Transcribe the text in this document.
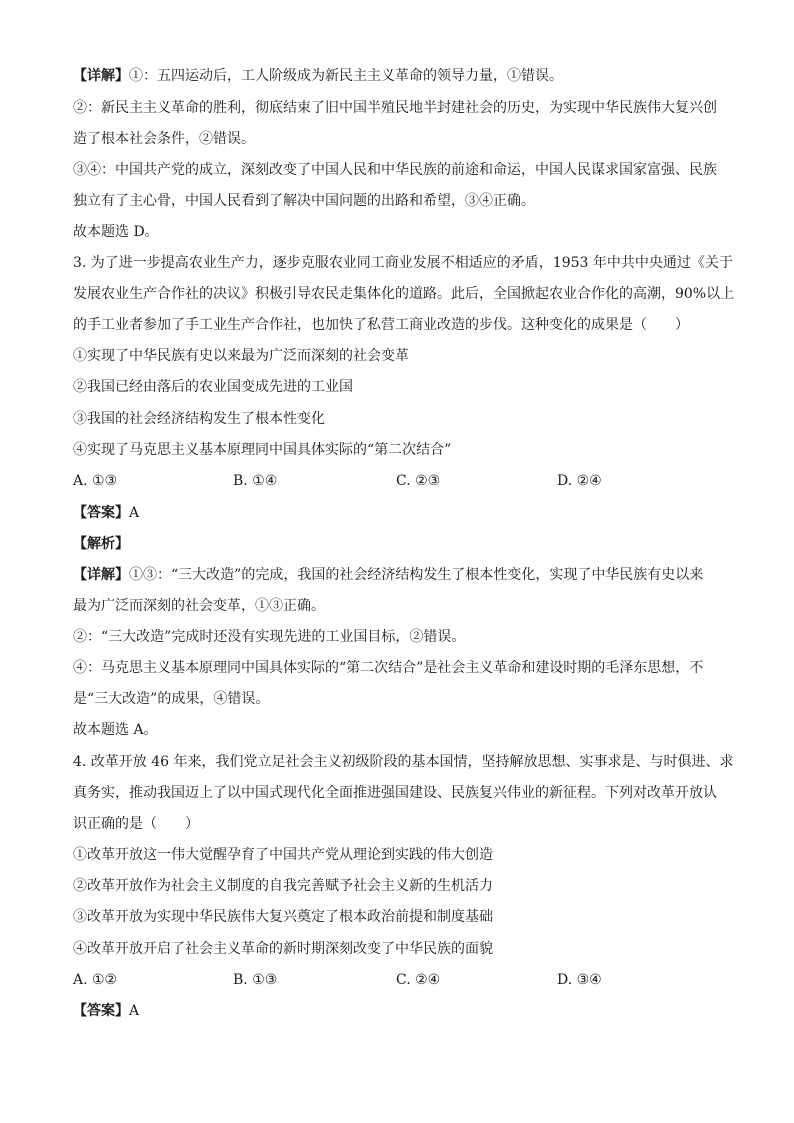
【详解】①：五四运动后，工人阶级成为新民主主义革命的领导力量，①错误。
②：新民主主义革命的胜利，彻底结束了旧中国半殖民地半封建社会的历史，为实现中华民族伟大复兴创
造了根本社会条件，②错误。
③④：中国共产党的成立，深刻改变了中国人民和中华民族的前途和命运，中国人民谋求国家富强、民族
独立有了主心骨，中国人民看到了解决中国问题的出路和希望，③④正确。
故本题选 D。
3. 为了进一步提高农业生产力，逐步克服农业同工商业发展不相适应的矛盾，1953 年中共中央通过《关于
发展农业生产合作社的决议》积极引导农民走集体化的道路。此后，全国掀起农业合作化的高潮，90%以上
的手工业者参加了手工业生产合作社，也加快了私营工商业改造的步伐。这种变化的成果是（　　）
①实现了中华民族有史以来最为广泛而深刻的社会变革
②我国已经由落后的农业国变成先进的工业国
③我国的社会经济结构发生了根本性变化
④实现了马克思主义基本原理同中国具体实际的“第二次结合”
A. ①③	B. ①④	C. ②③	D. ②④
【答案】A
【解析】
【详解】①③：“三大改造”的完成，我国的社会经济结构发生了根本性变化，实现了中华民族有史以来
最为广泛而深刻的社会变革，①③正确。
②：“三大改造”完成时还没有实现先进的工业国目标，②错误。
④：马克思主义基本原理同中国具体实际的“第二次结合”是社会主义革命和建设时期的毛泽东思想，不
是“三大改造”的成果，④错误。
故本题选 A。
4. 改革开放 46 年来，我们党立足社会主义初级阶段的基本国情，坚持解放思想、实事求是、与时俱进、求
真务实，推动我国迈上了以中国式现代化全面推进强国建设、民族复兴伟业的新征程。下列对改革开放认
识正确的是（　　）
①改革开放这一伟大觉醒孕育了中国共产党从理论到实践的伟大创造
②改革开放作为社会主义制度的自我完善赋予社会主义新的生机活力
③改革开放为实现中华民族伟大复兴奠定了根本政治前提和制度基础
④改革开放开启了社会主义革命的新时期深刻改变了中华民族的面貌
A. ①②	B. ①③	C. ②④	D. ③④
【答案】A
